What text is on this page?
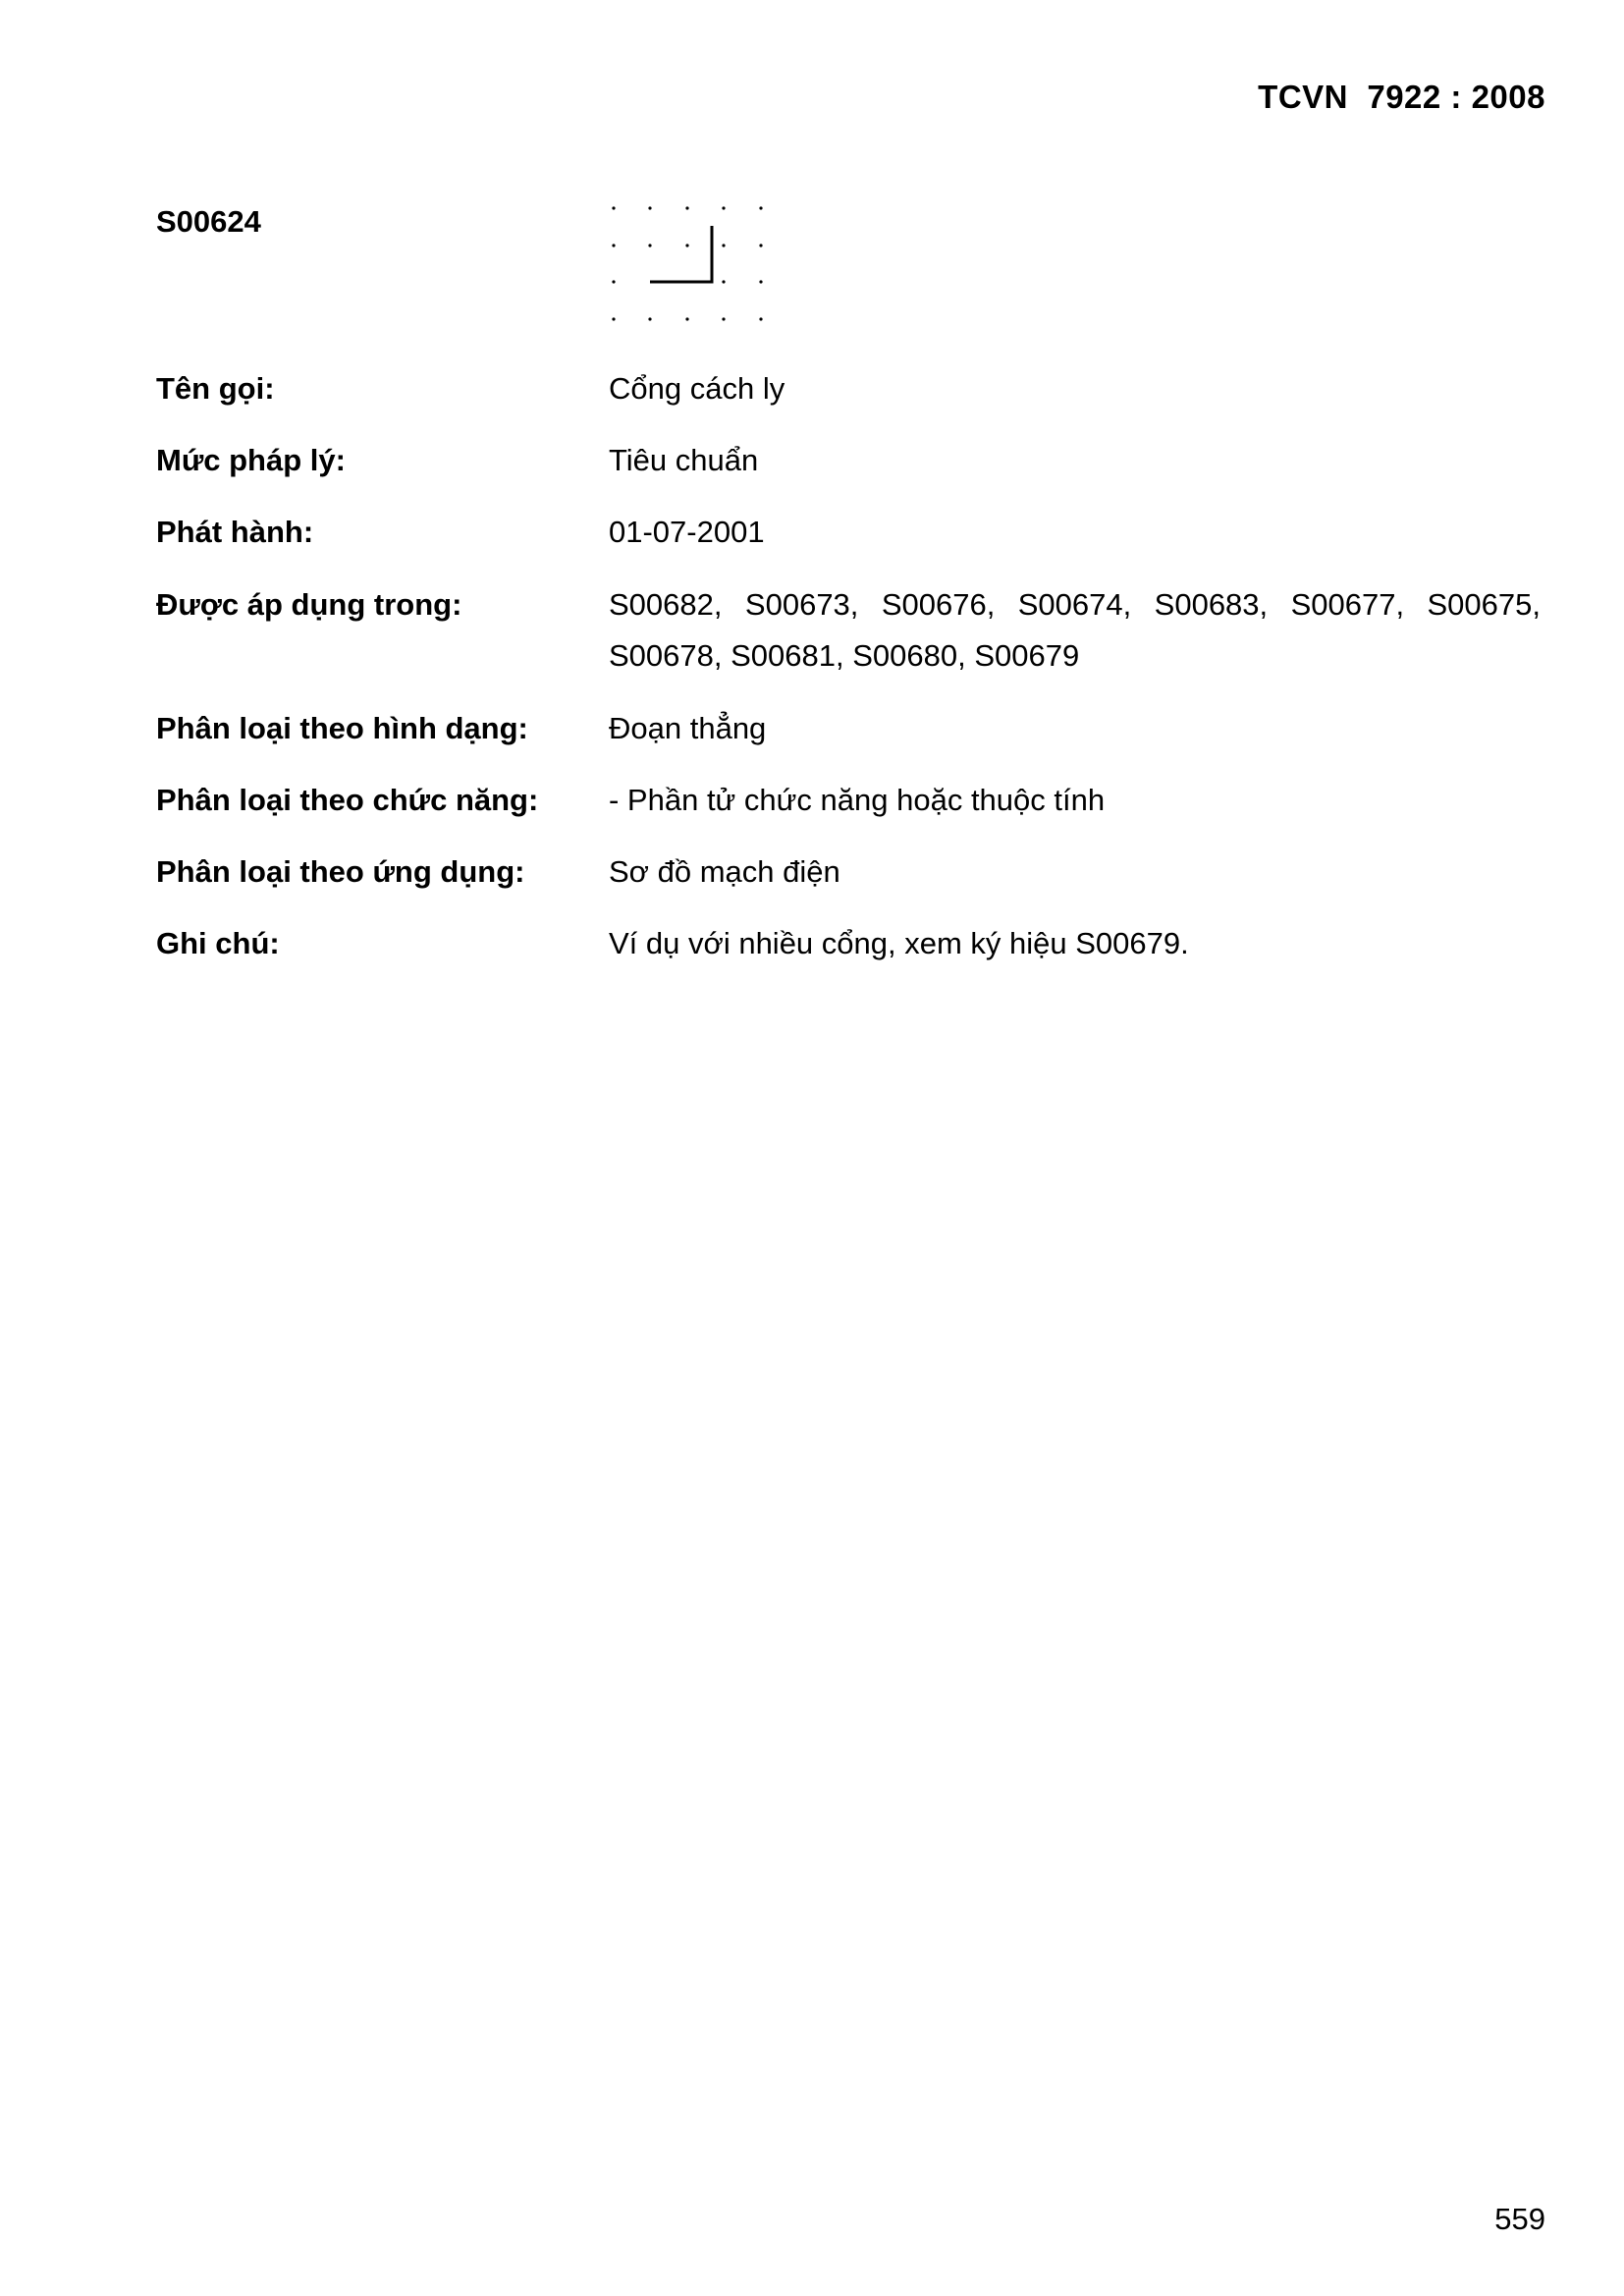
TCVN  7922 : 2008
S00624
Tên gọi:	Cổng cách ly
Mức pháp lý:	Tiêu chuẩn
Phát hành:	01-07-2001
Được áp dụng trong:	S00682, S00673, S00676, S00674, S00683, S00677, S00675, S00678, S00681, S00680, S00679
Phân loại theo hình dạng:	Đoạn thẳng
Phân loại theo chức năng:	- Phần tử chức năng hoặc thuộc tính
Phân loại theo ứng dụng:	Sơ đồ mạch điện
Ghi chú:	Ví dụ với nhiều cổng, xem ký hiệu S00679.
559
